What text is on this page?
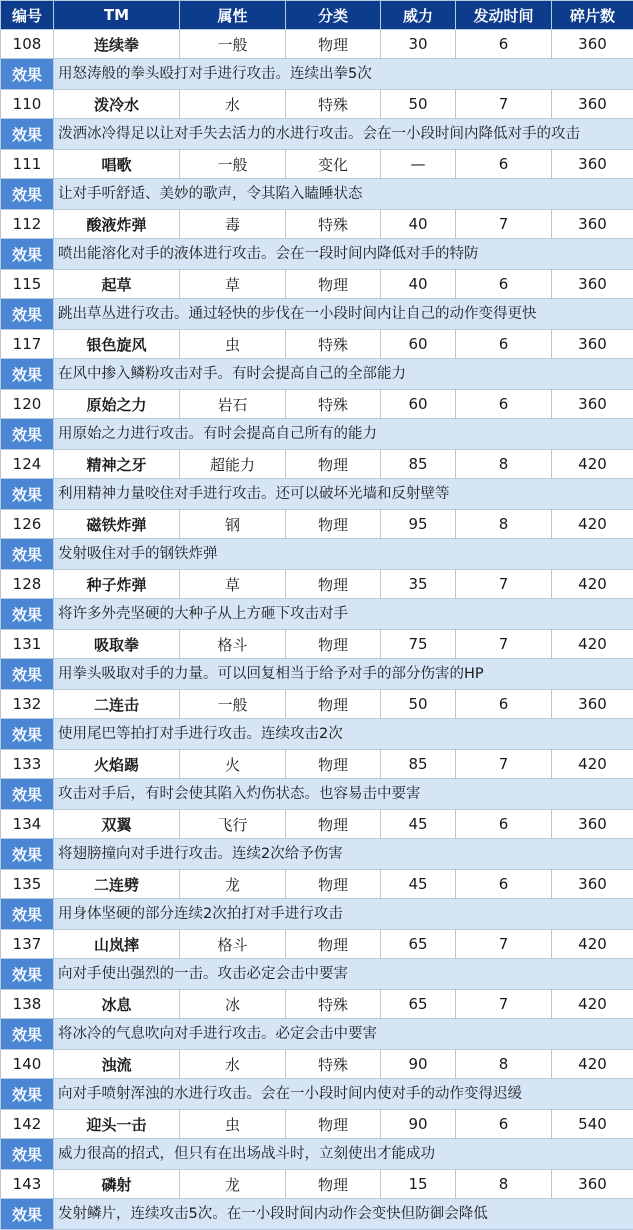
编号	TM	属性	分类	威力	发动时间	碎片数
108	连续拳	一般	物理	30	6	360
效果	用怒涛般的拳头殴打对手进行攻击。连续出拳5次					
110	泼冷水	水	特殊	50	7	360
效果	泼洒冰冷得足以让对手失去活力的水进行攻击。会在一小段时间内降低对手的攻击					
111	唱歌	一般	变化	—	6	360
效果	让对手听舒适、美妙的歌声，令其陷入瞌睡状态					
112	酸液炸弹	毒	特殊	40	7	360
效果	喷出能溶化对手的液体进行攻击。会在一段时间内降低对手的特防					
115	起草	草	物理	40	6	360
效果	跳出草丛进行攻击。通过轻快的步伐在一小段时间内让自己的动作变得更快					
117	银色旋风	虫	特殊	60	6	360
效果	在风中掺入鳞粉攻击对手。有时会提高自己的全部能力					
120	原始之力	岩石	特殊	60	6	360
效果	用原始之力进行攻击。有时会提高自己所有的能力					
124	精神之牙	超能力	物理	85	8	420
效果	利用精神力量咬住对手进行攻击。还可以破坏光墙和反射壁等					
126	磁铁炸弹	钢	物理	95	8	420
效果	发射吸住对手的钢铁炸弹					
128	种子炸弹	草	物理	35	7	420
效果	将许多外壳坚硬的大种子从上方砸下攻击对手					
131	吸取拳	格斗	物理	75	7	420
效果	用拳头吸取对手的力量。可以回复相当于给予对手的部分伤害的HP					
132	二连击	一般	物理	50	6	360
效果	使用尾巴等拍打对手进行攻击。连续攻击2次					
133	火焰踢	火	物理	85	7	420
效果	攻击对手后，有时会使其陷入灼伤状态。也容易击中要害					
134	双翼	飞行	物理	45	6	360
效果	将翅膀撞向对手进行攻击。连续2次给予伤害					
135	二连劈	龙	物理	45	6	360
效果	用身体坚硬的部分连续2次拍打对手进行攻击					
137	山岚摔	格斗	物理	65	7	420
效果	向对手使出强烈的一击。攻击必定会击中要害					
138	冰息	冰	特殊	65	7	420
效果	将冰冷的气息吹向对手进行攻击。必定会击中要害					
140	浊流	水	特殊	90	8	420
效果	向对手喷射浑浊的水进行攻击。会在一小段时间内使对手的动作变得迟缓					
142	迎头一击	虫	物理	90	6	540
效果	威力很高的招式，但只有在出场战斗时，立刻使出才能成功					
143	磷射	龙	物理	15	8	360
效果	发射鳞片，连续攻击5次。在一小段时间内动作会变快但防御会降低					
